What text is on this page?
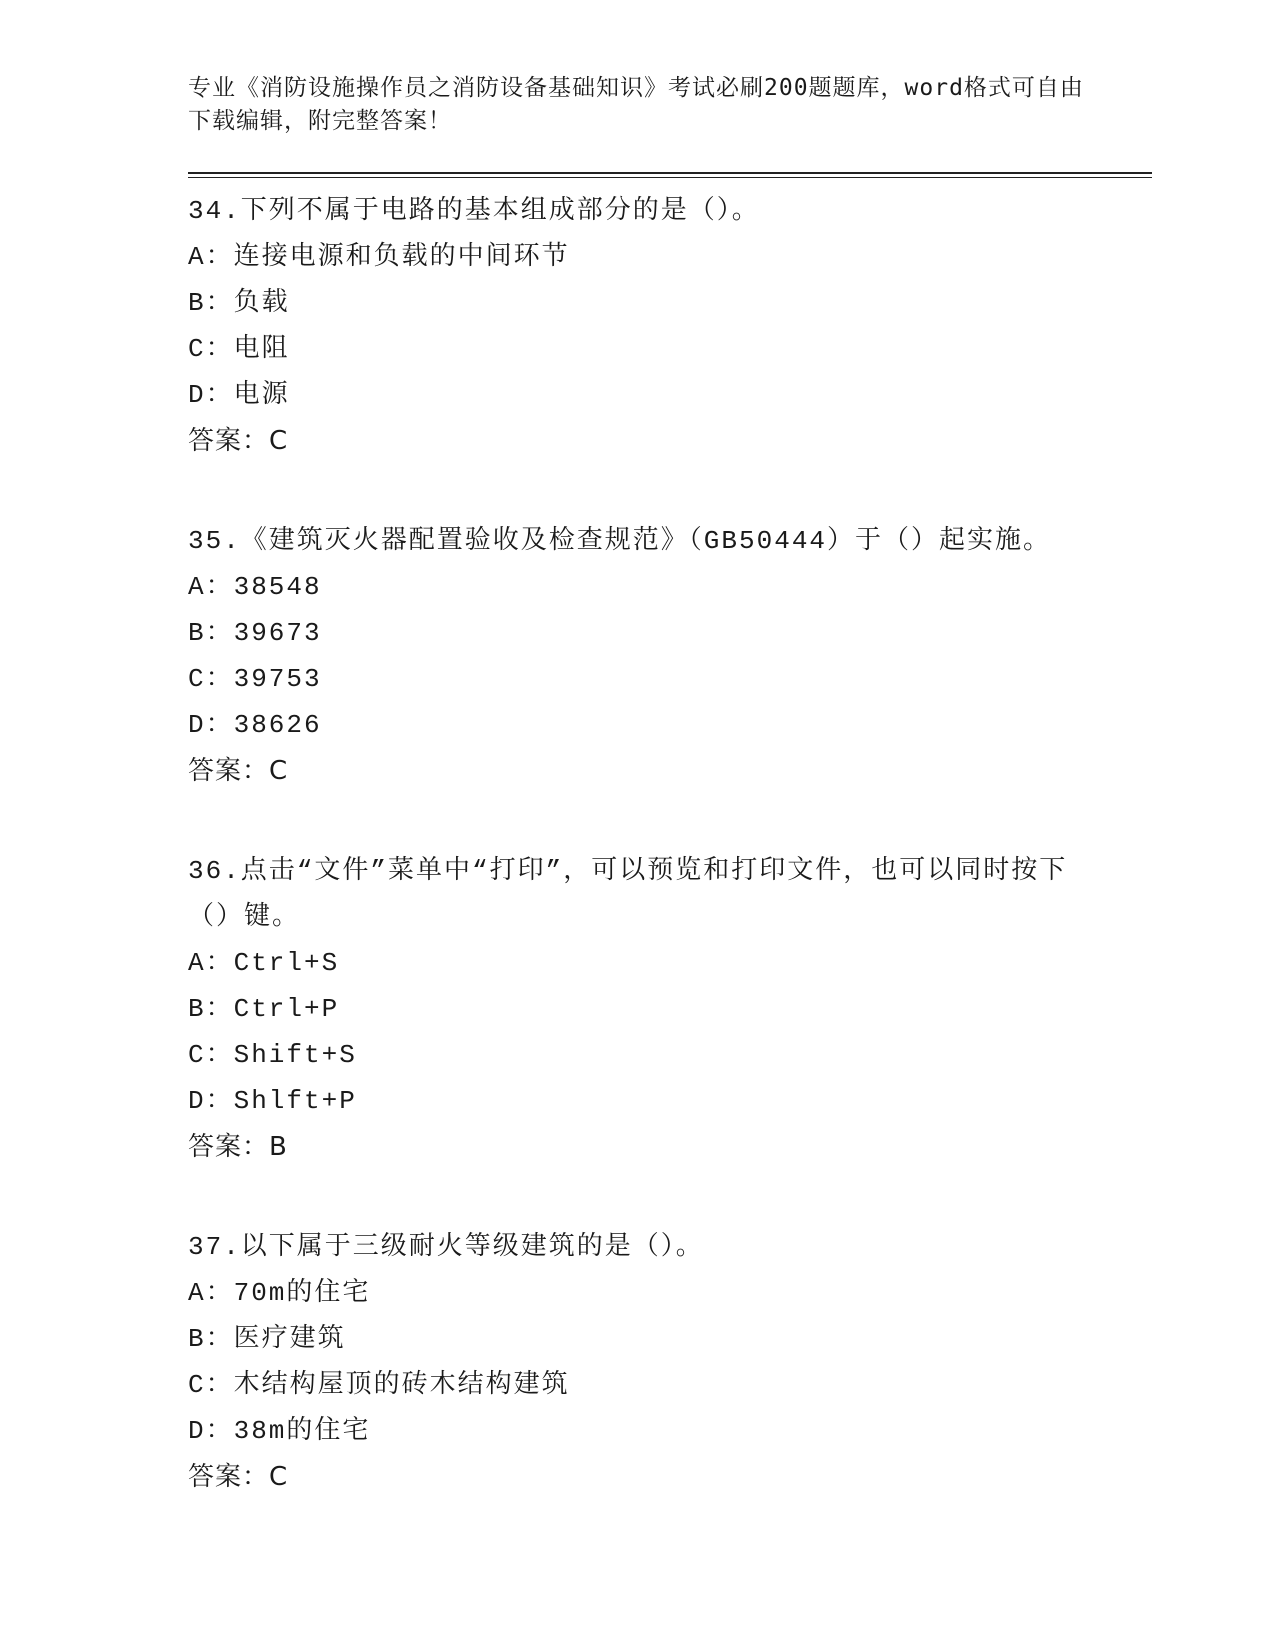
专业《消防设施操作员之消防设备基础知识》考试必刷200题题库，word格式可自由下载编辑，附完整答案！
34.下列不属于电路的基本组成部分的是（）。
A：连接电源和负载的中间环节
B：负载
C：电阻
D：电源
答案：C
35.《建筑灭火器配置验收及检查规范》（GB50444）于（）起实施。
A：38548
B：39673
C：39753
D：38626
答案：C
36.点击“文件”菜单中“打印”，可以预览和打印文件，也可以同时按下（）键。
A：Ctrl+S
B：Ctrl+P
C：Shift+S
D：Shlft+P
答案：B
37.以下属于三级耐火等级建筑的是（）。
A：70m的住宅
B：医疗建筑
C：木结构屋顶的砖木结构建筑
D：38m的住宅
答案：C
